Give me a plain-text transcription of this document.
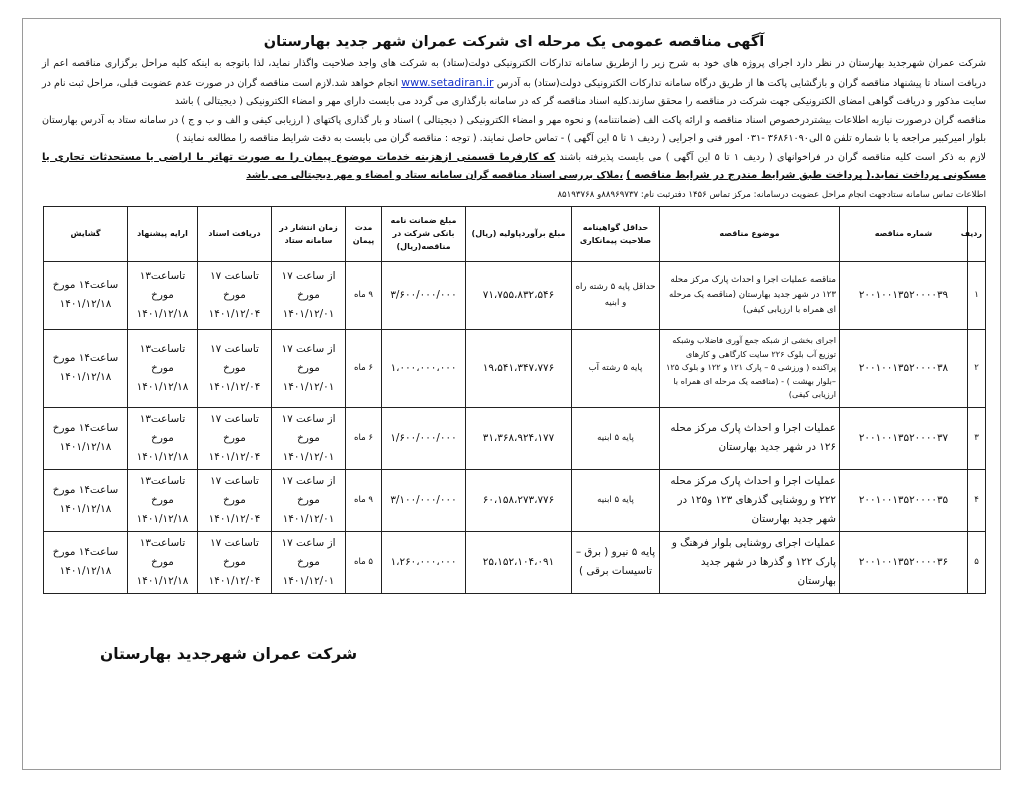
آگهی مناقصه عمومی یک مرحله ای شرکت عمران شهر جدید بهارستان

شرکت عمران شهرجدید بهارستان در نظر دارد اجرای پروژه های خود به شرح زیر را ازطریق سامانه تدارکات الکترونیکی دولت(ستاد) به شرکت های واجد صلاحیت واگذار نماید، لذا باتوجه به اینکه کلیه مراحل برگزاری مناقصه اعم از دریافت اسناد تا پیشنهاد مناقصه گران و بازگشایی پاکت ها از طریق درگاه سامانه تدارکات الکترونیکی دولت(ستاد) به آدرس www.setadiran.ir انجام خواهد شد.لازم است مناقصه گران در صورت عدم عضویت قبلی، مراحل ثبت نام در سایت مذکور و دریافت گواهی امضای الکترونیکی جهت شرکت در مناقصه را محقق سازند.کلیه اسناد مناقصه گر که در سامانه بارگذاری می گردد می بایست دارای مهر و امضاء الکترونیکی ( دیجیتالی ) باشد

مناقصه گران درصورت نیازبه اطلاعات بیشتردرخصوص اسناد مناقصه و ارائه پاکت الف (ضمانتنامه) و نحوه مهر و امضاء الکترونیکی ( دیجیتالی ) اسناد و بار گذاری پاکتهای ( ارزیابی کیفی و الف و ب و ج ) در سامانه ستاد به آدرس بهارستان بلوار امیرکبیر مراجعه یا با شماره تلفن ۵ الی۳۶۸۶۱۰۹۰ -۰۳۱ امور فنی و اجرایی ( ردیف ۱ تا ۵ این آگهی ) - تماس حاصل نمایند. ( توجه : مناقصه گران می بایست به دقت شرایط مناقصه را مطالعه نمایند )

لازم به ذکر است کلیه مناقصه گران در فراخوانهای ( ردیف ۱ تا ۵ این آگهی ) می بایست پذیرفته باشند که کارفرما قسمتی ازهزینه خدمات موضوع پیمان را به صورت تهاتر با اراضی یا مستحدثات تجاری یا مسکونی پرداخت نماید.( پرداخت طبق شرایط مندرج در شرایط مناقصه ) ،ملاک بررسی اسناد مناقصه گران سامانه ستاد و امضاء و مهر دیجیتالی می باشد

اطلاعات تماس سامانه ستادجهت انجام مراحل عضویت درسامانه: مرکز تماس ۱۴۵۶ دفترثبت نام: ۸۸۹۶۹۷۳۷و ۸۵۱۹۳۷۶۸
ردیف	شماره مناقصه	موضوع مناقصه	حداقل گواهینامه صلاحیت پیمانکاری	مبلغ برآوردپاولیه (ریال)	مبلغ ضمانت نامه بانکی شرکت در مناقصه(ریال)	مدت پیمان	زمان انتشار در سامانه ستاد	دریافت اسناد	ارایه پیشنهاد	گشایش
۱	۲۰۰۱۰۰۱۳۵۲۰۰۰۰۳۹	مناقصه عملیات اجرا و احداث پارک مرکز محله ۱۲۳ در شهر جدید بهارستان (مناقصه یک مرحله ای همراه با ارزیابی کیفی)	حداقل پایه ۵ رشته راه و ابنیه	۷۱،۷۵۵،۸۳۲،۵۴۶	۳/۶۰۰/۰۰۰/۰۰۰	۹ ماه	از ساعت ۱۷ مورخ ۱۴۰۱/۱۲/۰۱	تاساعت ۱۷ مورخ ۱۴۰۱/۱۲/۰۴	تاساعت۱۳ مورخ ۱۴۰۱/۱۲/۱۸	ساعت۱۴ مورخ ۱۴۰۱/۱۲/۱۸
۲	۲۰۰۱۰۰۱۳۵۲۰۰۰۰۳۸	اجرای بخشی از شبکه جمع آوری فاضلاب وشبکه توزیع آب بلوک ۲۲۶ سایت کارگاهی و کارهای پراکنده ( ورزشی ۵ – پارک ۱۲۱ و ۱۲۲ و بلوک ۱۲۵ –بلوار بهشت ) - (مناقصه یک مرحله ای همراه با ارزیابی کیفی)	پایه ۵ رشته آب	۱۹،۵۴۱،۳۴۷،۷۷۶	۱،۰۰۰،۰۰۰،۰۰۰	۶ ماه	از ساعت ۱۷ مورخ ۱۴۰۱/۱۲/۰۱	تاساعت ۱۷ مورخ ۱۴۰۱/۱۲/۰۴	تاساعت۱۳ مورخ ۱۴۰۱/۱۲/۱۸	ساعت۱۴ مورخ ۱۴۰۱/۱۲/۱۸
۳	۲۰۰۱۰۰۱۳۵۲۰۰۰۰۳۷	عملیات اجرا و احداث پارک مرکز محله ۱۲۶ در شهر جدید بهارستان	پایه ۵ ابنیه	۳۱،۳۶۸،۹۲۴،۱۷۷	۱/۶۰۰/۰۰۰/۰۰۰	۶ ماه	از ساعت ۱۷ مورخ ۱۴۰۱/۱۲/۰۱	تاساعت ۱۷ مورخ ۱۴۰۱/۱۲/۰۴	تاساعت۱۳ مورخ ۱۴۰۱/۱۲/۱۸	ساعت۱۴ مورخ ۱۴۰۱/۱۲/۱۸
۴	۲۰۰۱۰۰۱۳۵۲۰۰۰۰۳۵	عملیات اجرا و احداث پارک مرکز محله ۲۲۲ و روشنایی گذرهای ۱۲۳ و۱۲۵ در شهر جدید بهارستان	پایه ۵ ابنیه	۶۰،۱۵۸،۲۷۳،۷۷۶	۳/۱۰۰/۰۰۰/۰۰۰	۹ ماه	از ساعت ۱۷ مورخ ۱۴۰۱/۱۲/۰۱	تاساعت ۱۷ مورخ ۱۴۰۱/۱۲/۰۴	تاساعت۱۳ مورخ ۱۴۰۱/۱۲/۱۸	ساعت۱۴ مورخ ۱۴۰۱/۱۲/۱۸
۵	۲۰۰۱۰۰۱۳۵۲۰۰۰۰۳۶	عملیات اجرای روشنایی بلوار فرهنگ و پارک ۱۲۲ و گذرها در شهر جدید بهارستان	پایه ۵ نیرو ( برق – تاسیسات برقی )	۲۵،۱۵۲،۱۰۴،۰۹۱	۱،۲۶۰،۰۰۰،۰۰۰	۵ ماه	از ساعت ۱۷ مورخ ۱۴۰۱/۱۲/۰۱	تاساعت ۱۷ مورخ ۱۴۰۱/۱۲/۰۴	تاساعت۱۳ مورخ ۱۴۰۱/۱۲/۱۸	ساعت۱۴ مورخ ۱۴۰۱/۱۲/۱۸
شرکت عمران شهرجدید بهارستان
